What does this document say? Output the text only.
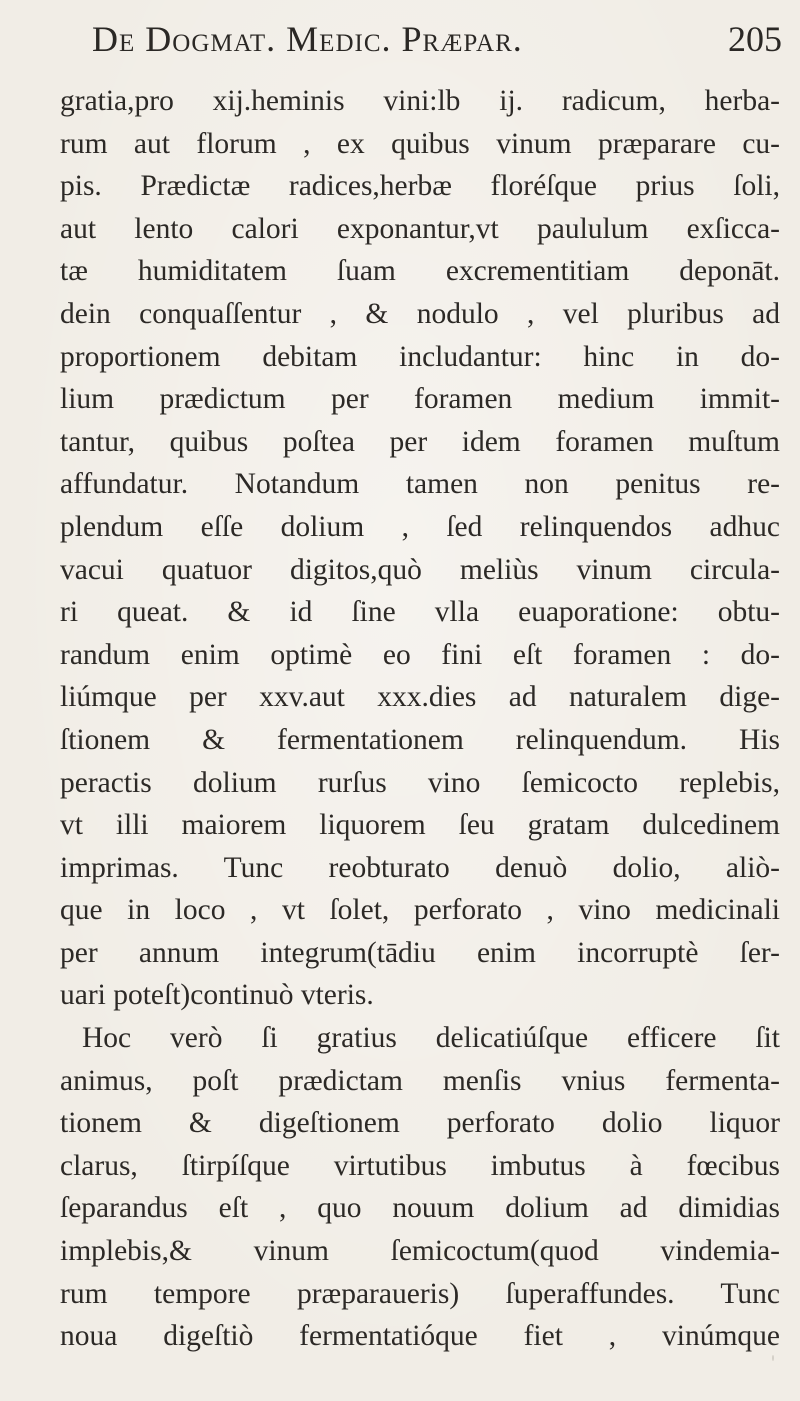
De Dogmat. Medic. Præpar.	205
gratia,pro xij.heminis vini:lb ij. radicum, herba-
rum aut florum , ex quibus vinum præparare cu-
pis. Prædictæ radices,herbæ floréſque prius ſoli,
aut lento calori exponantur,vt paululum exſicca-
tæ humiditatem ſuam excrementitiam deponāt.
dein conquaſſentur , & nodulo , vel pluribus ad
proportionem debitam includantur: hinc in do-
lium prædictum per foramen medium immit-
tantur, quibus poſtea per idem foramen muſtum
affundatur. Notandum tamen non penitus re-
plendum eſſe dolium , ſed relinquendos adhuc
vacui quatuor digitos,quò meliùs vinum circula-
ri queat. & id ſine vlla euaporatione: obtu-
randum enim optimè eo fini eſt foramen : do-
liúmque per xxv.aut xxx.dies ad naturalem dige-
ſtionem & fermentationem relinquendum. His
peractis dolium rurſus vino ſemicocto replebis,
vt illi maiorem liquorem ſeu gratam dulcedinem
imprimas. Tunc reobturato denuò dolio, aliò-
que in loco , vt ſolet, perforato , vino medicinali
per annum integrum(tādiu enim incorruptè ſer-
uari poteſt)continuò vteris.
Hoc verò ſi gratius delicatiúſque efficere ſit
animus, poſt prædictam menſis vnius fermenta-
tionem & digeſtionem perforato dolio liquor
clarus, ſtirpíſque virtutibus imbutus à fœcibus
ſeparandus eſt , quo nouum dolium ad dimidias
implebis,& vinum ſemicoctum(quod vindemia-
rum tempore præparaueris) ſuperaffundes. Tunc
noua digeſtiò fermentatióque fiet , vinúmque
